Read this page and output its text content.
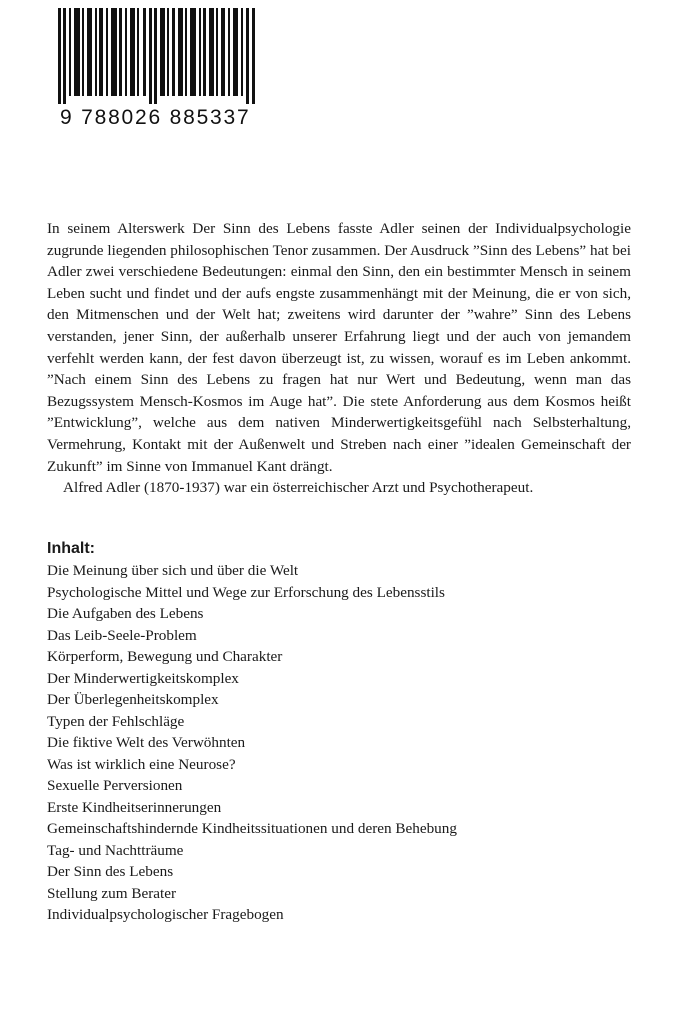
9 788026 885337

In seinem Alterswerk Der Sinn des Lebens fasste Adler seinen der Individualpsychologie zugrunde liegenden philosophischen Tenor zusammen. Der Ausdruck ”Sinn des Lebens” hat bei Adler zwei verschiedene Bedeutungen: einmal den Sinn, den ein bestimmter Mensch in seinem Leben sucht und findet und der aufs engste zusammenhängt mit der Meinung, die er von sich, den Mitmenschen und der Welt hat; zweitens wird darunter der ”wahre” Sinn des Lebens verstanden, jener Sinn, der außerhalb unserer Erfahrung liegt und der auch von jemandem verfehlt werden kann, der fest davon überzeugt ist, zu wissen, worauf es im Leben ankommt. ”Nach einem Sinn des Lebens zu fragen hat nur Wert und Bedeutung, wenn man das Bezugssystem Mensch-Kosmos im Auge hat”. Die stete Anforderung aus dem Kosmos heißt ”Entwicklung”, welche aus dem nativen Minderwertigkeitsgefühl nach Selbsterhaltung, Vermehrung, Kontakt mit der Außenwelt und Streben nach einer ”idealen Gemeinschaft der Zukunft” im Sinne von Immanuel Kant drängt.

Alfred Adler (1870-1937) war ein österreichischer Arzt und Psychotherapeut.

Inhalt:
Die Meinung über sich und über die Welt
Psychologische Mittel und Wege zur Erforschung des Lebensstils
Die Aufgaben des Lebens
Das Leib-Seele-Problem
Körperform, Bewegung und Charakter
Der Minderwertigkeitskomplex
Der Überlegenheitskomplex
Typen der Fehlschläge
Die fiktive Welt des Verwöhnten
Was ist wirklich eine Neurose?
Sexuelle Perversionen
Erste Kindheitserinnerungen
Gemeinschaftshindernde Kindheitssituationen und deren Behebung
Tag- und Nachtträume
Der Sinn des Lebens
Stellung zum Berater
Individualpsychologischer Fragebogen
